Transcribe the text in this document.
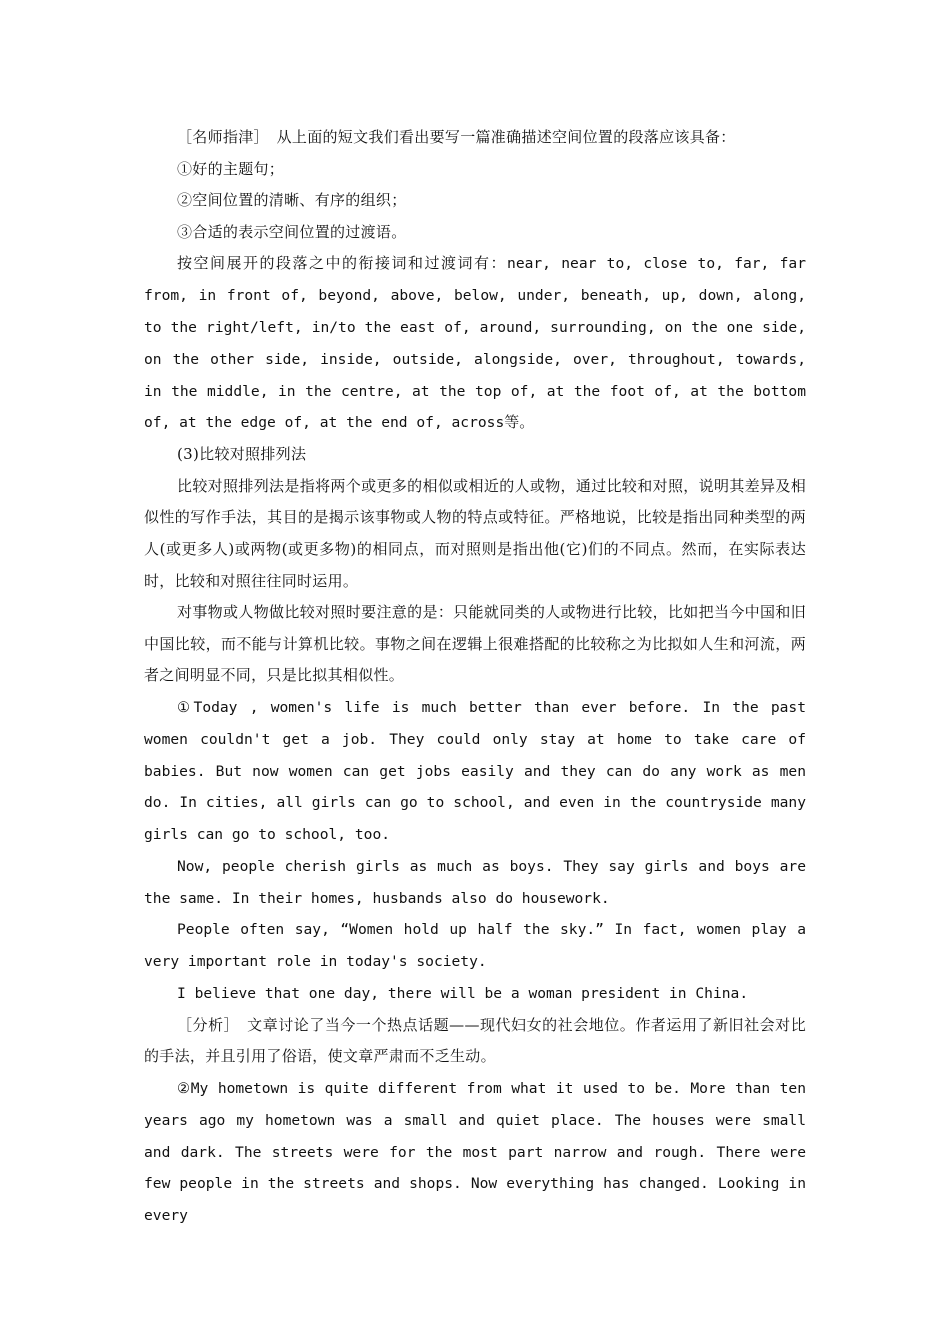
［名师指津］　从上面的短文我们看出要写一篇准确描述空间位置的段落应该具备：

①好的主题句；

②空间位置的清晰、有序的组织；

③合适的表示空间位置的过渡语。

按空间展开的段落之中的衔接词和过渡词有：near, near to, close to, far, far from, in front of, beyond, above, below, under, beneath, up, down, along, to the right/left, in/to the east of, around, surrounding, on the one side, on the other side, inside, outside, alongside, over, throughout, towards, in the middle, in the centre, at the top of, at the foot of, at the bottom of, at the edge of, at the end of, across等。

(3)比较对照排列法

比较对照排列法是指将两个或更多的相似或相近的人或物，通过比较和对照，说明其差异及相似性的写作手法，其目的是揭示该事物或人物的特点或特征。严格地说，比较是指出同种类型的两人(或更多人)或两物(或更多物)的相同点，而对照则是指出他(它)们的不同点。然而，在实际表达时，比较和对照往往同时运用。

对事物或人物做比较对照时要注意的是：只能就同类的人或物进行比较，比如把当今中国和旧中国比较，而不能与计算机比较。事物之间在逻辑上很难搭配的比较称之为比拟如人生和河流，两者之间明显不同，只是比拟其相似性。

①Today , women's life is much better than ever before. In the past women couldn't get a job. They could only stay at home to take care of babies. But now women can get jobs easily and they can do any work as men do. In cities, all girls can go to school, and even in the countryside many girls can go to school, too.

Now, people cherish girls as much as boys. They say girls and boys are the same. In their homes, husbands also do housework.

People often say, “Women hold up half the sky.” In fact, women play a very important role in today's society.

I believe that one day, there will be a woman president in China.

［分析］　文章讨论了当今一个热点话题——现代妇女的社会地位。作者运用了新旧社会对比的手法，并且引用了俗语，使文章严肃而不乏生动。

②My hometown is quite different from what it used to be. More than ten years ago my hometown was a small and quiet place. The houses were small and dark. The streets were for the most part narrow and rough. There were few people in the streets and shops. Now everything has changed. Looking in every
